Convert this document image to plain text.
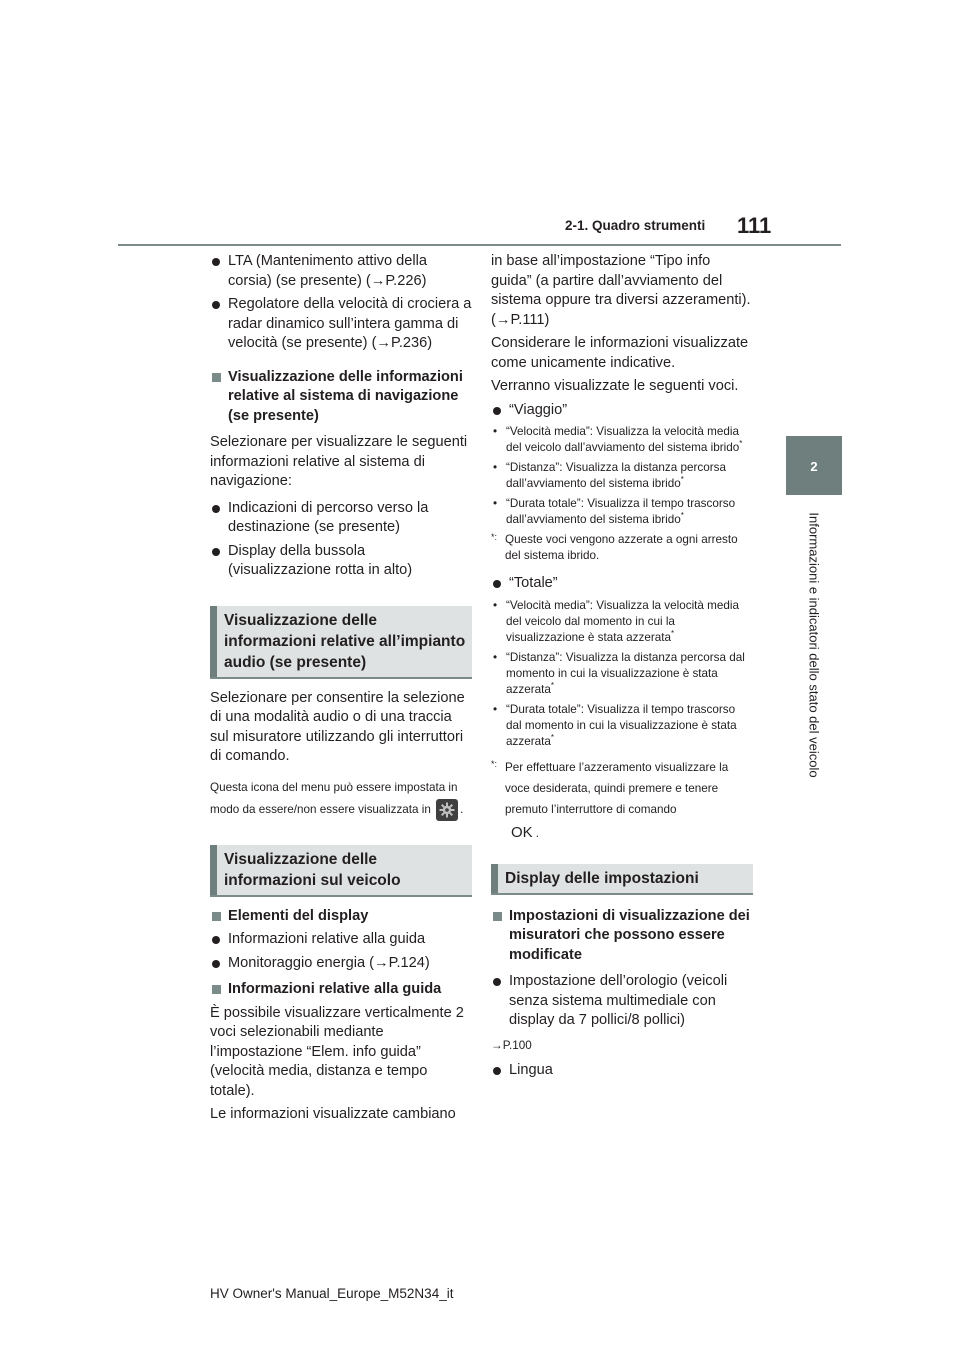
2-1. Quadro strumenti 111
2
Informazioni e indicatori dello stato del veicolo
LTA (Mantenimento attivo della corsia) (se presente) (→P.226)
Regolatore della velocità di crociera a radar dinamico sull’intera gamma di velocità (se presente) (→P.236)
Visualizzazione delle informazioni relative al sistema di navigazione (se presente)
Selezionare per visualizzare le seguenti informazioni relative al sistema di navigazione:
Indicazioni di percorso verso la destinazione (se presente)
Display della bussola (visualizzazione rotta in alto)
Visualizzazione delle informazioni relative all’impianto audio (se presente)
Selezionare per consentire la selezione di una modalità audio o di una traccia sul misuratore utilizzando gli interruttori di comando.
Questa icona del menu può essere impostata in modo da essere/non essere visualizzata in	.
Visualizzazione delle informazioni sul veicolo
Elementi del display
Informazioni relative alla guida
Monitoraggio energia (→P.124)
Informazioni relative alla guida
È possibile visualizzare verticalmente 2 voci selezionabili mediante l’impostazione “Elem. info guida” (velocità media, distanza e tempo totale).
Le informazioni visualizzate cambiano
in base all’impostazione “Tipo info guida” (a partire dall’avviamento del sistema oppure tra diversi azzeramenti). (→P.111)
Considerare le informazioni visualizzate come unicamente indicative.
Verranno visualizzate le seguenti voci.
“Viaggio”
• “Velocità media”: Visualizza la velocità media del veicolo dall’avviamento del sistema ibrido*
• “Distanza”: Visualizza la distanza percorsa dall’avviamento del sistema ibrido*
• “Durata totale”: Visualizza il tempo trascorso dall’avviamento del sistema ibrido*
*: Queste voci vengono azzerate a ogni arresto del sistema ibrido.
“Totale”
• “Velocità media”: Visualizza la velocità media del veicolo dal momento in cui la visualizzazione è stata azzerata*
• “Distanza”: Visualizza la distanza percorsa dal momento in cui la visualizzazione è stata azzerata*
• “Durata totale”: Visualizza il tempo trascorso dal momento in cui la visualizzazione è stata azzerata*
*: Per effettuare l’azzeramento visualizzare la voce desiderata, quindi premere e tenere premuto l’interruttore di comando
OK .
Display delle impostazioni
Impostazioni di visualizzazione dei misuratori che possono essere modificate
Impostazione dell’orologio (veicoli senza sistema multimediale con display da 7 pollici/8 pollici)
→P.100
Lingua
HV Owner's Manual_Europe_M52N34_it
